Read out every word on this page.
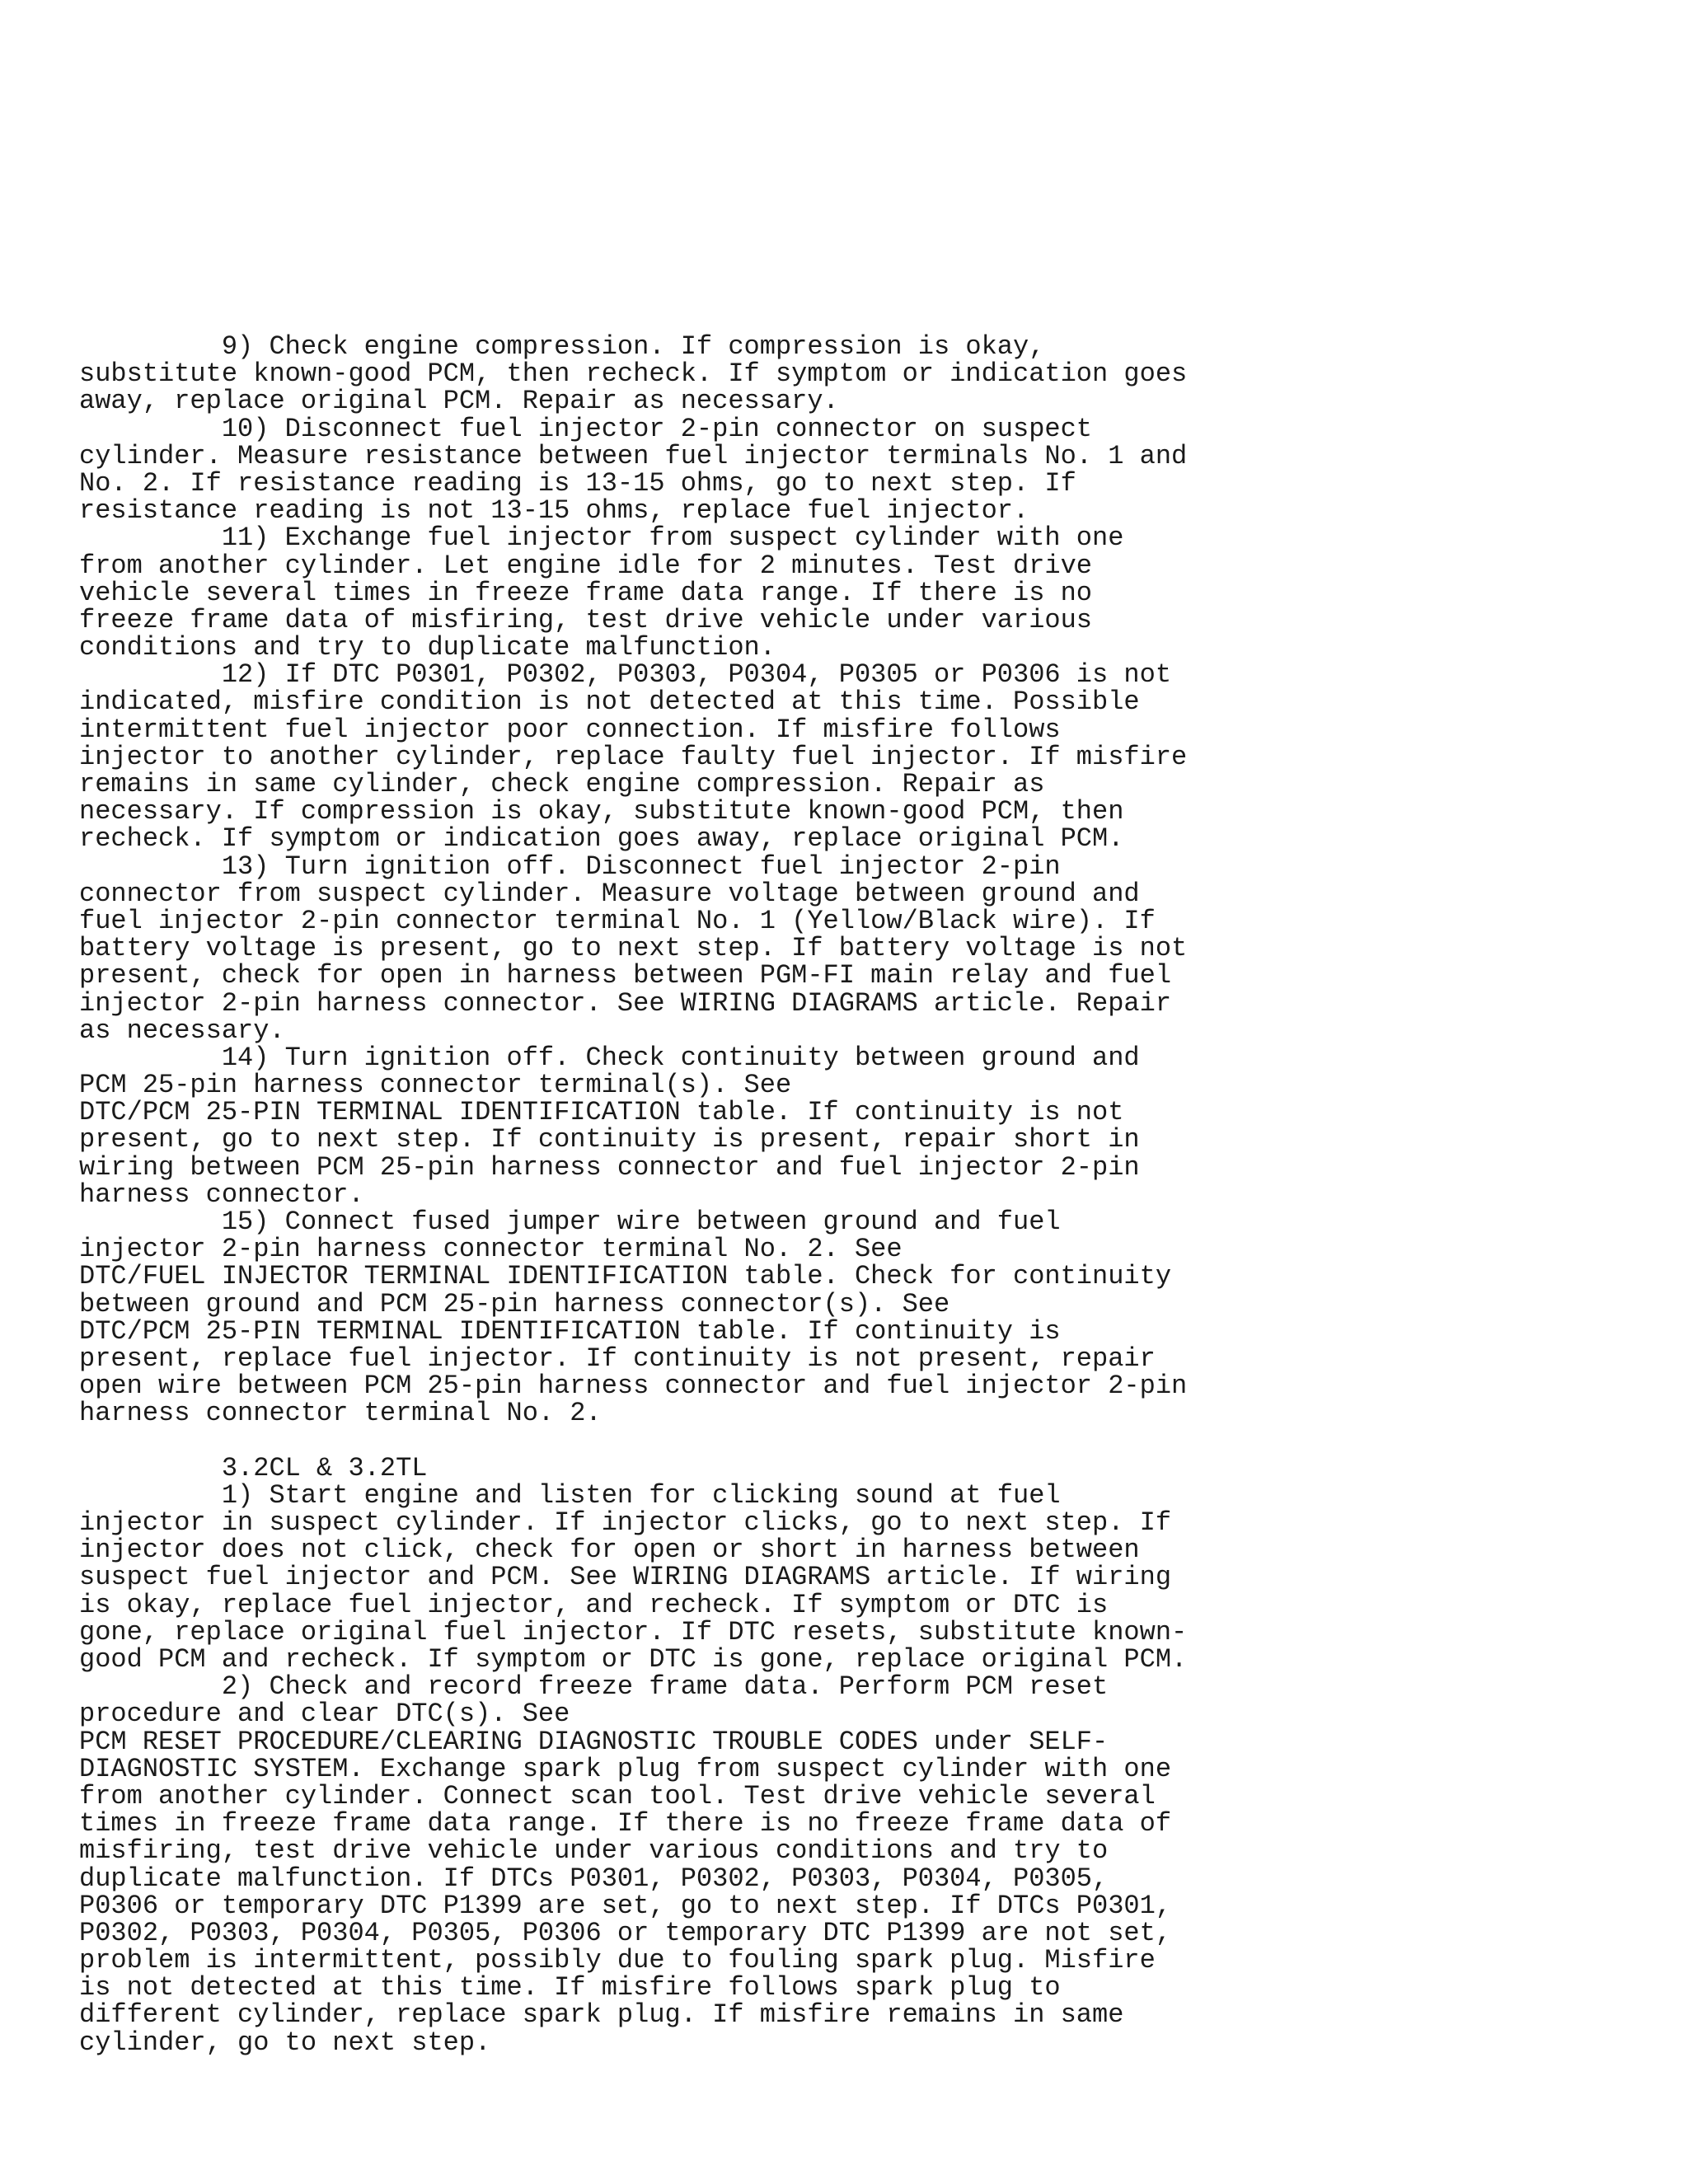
9) Check engine compression. If compression is okay,
substitute known-good PCM, then recheck. If symptom or indication goes
away, replace original PCM. Repair as necessary.
10) Disconnect fuel injector 2-pin connector on suspect
cylinder. Measure resistance between fuel injector terminals No. 1 and
No. 2. If resistance reading is 13-15 ohms, go to next step. If
resistance reading is not 13-15 ohms, replace fuel injector.
11) Exchange fuel injector from suspect cylinder with one
from another cylinder. Let engine idle for 2 minutes. Test drive
vehicle several times in freeze frame data range. If there is no
freeze frame data of misfiring, test drive vehicle under various
conditions and try to duplicate malfunction.
12) If DTC P0301, P0302, P0303, P0304, P0305 or P0306 is not
indicated, misfire condition is not detected at this time. Possible
intermittent fuel injector poor connection. If misfire follows
injector to another cylinder, replace faulty fuel injector. If misfire
remains in same cylinder, check engine compression. Repair as
necessary. If compression is okay, substitute known-good PCM, then
recheck. If symptom or indication goes away, replace original PCM.
13) Turn ignition off. Disconnect fuel injector 2-pin
connector from suspect cylinder. Measure voltage between ground and
fuel injector 2-pin connector terminal No. 1 (Yellow/Black wire). If
battery voltage is present, go to next step. If battery voltage is not
present, check for open in harness between PGM-FI main relay and fuel
injector 2-pin harness connector. See WIRING DIAGRAMS article. Repair
as necessary.
14) Turn ignition off. Check continuity between ground and
PCM 25-pin harness connector terminal(s). See
DTC/PCM 25-PIN TERMINAL IDENTIFICATION table. If continuity is not
present, go to next step. If continuity is present, repair short in
wiring between PCM 25-pin harness connector and fuel injector 2-pin
harness connector.
15) Connect fused jumper wire between ground and fuel
injector 2-pin harness connector terminal No. 2. See
DTC/FUEL INJECTOR TERMINAL IDENTIFICATION table. Check for continuity
between ground and PCM 25-pin harness connector(s). See
DTC/PCM 25-PIN TERMINAL IDENTIFICATION table. If continuity is
present, replace fuel injector. If continuity is not present, repair
open wire between PCM 25-pin harness connector and fuel injector 2-pin
harness connector terminal No. 2.
3.2CL & 3.2TL
1) Start engine and listen for clicking sound at fuel
injector in suspect cylinder. If injector clicks, go to next step. If
injector does not click, check for open or short in harness between
suspect fuel injector and PCM. See WIRING DIAGRAMS article. If wiring
is okay, replace fuel injector, and recheck. If symptom or DTC is
gone, replace original fuel injector. If DTC resets, substitute known-
good PCM and recheck. If symptom or DTC is gone, replace original PCM.
2) Check and record freeze frame data. Perform PCM reset
procedure and clear DTC(s). See
PCM RESET PROCEDURE/CLEARING DIAGNOSTIC TROUBLE CODES under SELF-
DIAGNOSTIC SYSTEM. Exchange spark plug from suspect cylinder with one
from another cylinder. Connect scan tool. Test drive vehicle several
times in freeze frame data range. If there is no freeze frame data of
misfiring, test drive vehicle under various conditions and try to
duplicate malfunction. If DTCs P0301, P0302, P0303, P0304, P0305,
P0306 or temporary DTC P1399 are set, go to next step. If DTCs P0301,
P0302, P0303, P0304, P0305, P0306 or temporary DTC P1399 are not set,
problem is intermittent, possibly due to fouling spark plug. Misfire
is not detected at this time. If misfire follows spark plug to
different cylinder, replace spark plug. If misfire remains in same
cylinder, go to next step.
